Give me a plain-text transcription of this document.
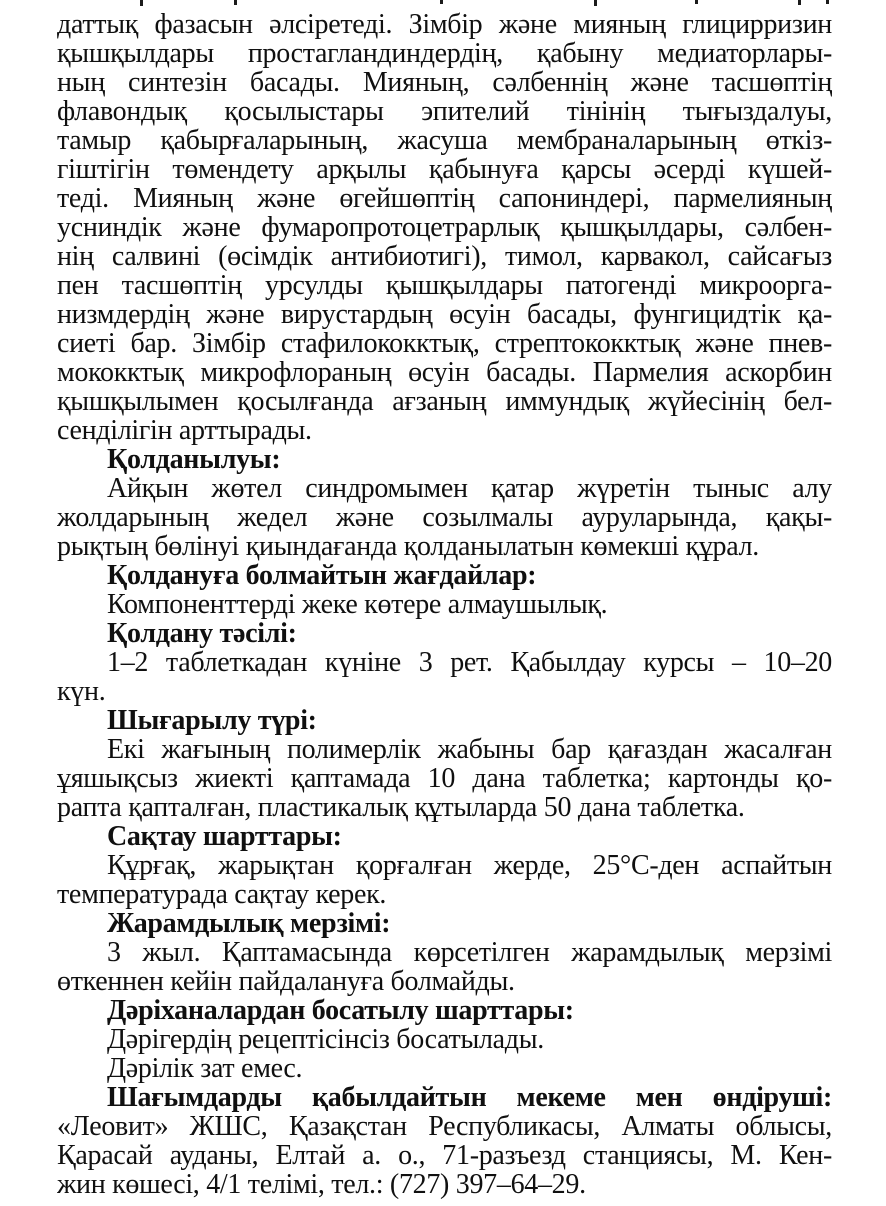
даттық фазасын әлсіретеді. Зімбір және мияның глицирризин
қышқылдары простагландиндердің, қабыну медиаторлары-
ның синтезін басады. Мияның, сәлбеннің және тасшөптің
флавондық қосылыстары эпителий тінінің тығыздалуы,
тамыр қабырғаларының, жасуша мембраналарының өткіз-
гіштігін төмендету арқылы қабынуға қарсы әсерді күшей-
теді. Мияның және өгейшөптің сапониндері, пармелияның
усниндік және фумаропротоцетрарлық қышқылдары, сәлбен-
нің салвині (өсімдік антибиотигі), тимол, карвакол, сайсағыз
пен тасшөптің урсулды қышқылдары патогенді микроорга-
низмдердің және вирустардың өсуін басады, фунгицидтік қа-
сиеті бар. Зімбір стафилококктық, стрептококктық және пнев-
мококктық микрофлораның өсуін басады. Пармелия аскорбин
қышқылымен қосылғанда ағзаның иммундық жүйесінің бел-
сенділігін арттырады.
Қолданылуы:
Айқын жөтел синдромымен қатар жүретін тыныс алу
жолдарының жедел және созылмалы ауруларында, қақы-
рықтың бөлінуі қиындағанда қолданылатын көмекші құрал.
Қолдануға болмайтын жағдайлар:
Компоненттерді жеке көтере алмаушылық.
Қолдану тәсілі:
1–2 таблеткадан күніне 3 рет. Қабылдау курсы – 10–20
күн.
Шығарылу түрі:
Екі жағының полимерлік жабыны бар қағаздан жасалған
ұяшықсыз жиекті қаптамада 10 дана таблетка; картонды қо-
рапта қапталған, пластикалық құтыларда 50 дана таблетка.
Сақтау шарттары:
Құрғақ, жарықтан қорғалған жерде, 25°С-ден аспайтын
температурада сақтау керек.
Жарамдылық мерзімі:
3 жыл. Қаптамасында көрсетілген жарамдылық мерзімі
өткеннен кейін пайдалануға болмайды.
Дәріханалардан босатылу шарттары:
Дәрігердің рецептісінсіз босатылады.
Дәрілік зат емес.
Шағымдарды қабылдайтын мекеме мен өндіруші:
«Леовит» ЖШС, Қазақстан Республикасы, Алматы облысы,
Қарасай ауданы, Елтай а. о., 71-разъезд станциясы, М. Кен-
жин көшесі, 4/1 телімі, тел.: (727) 397–64–29.
